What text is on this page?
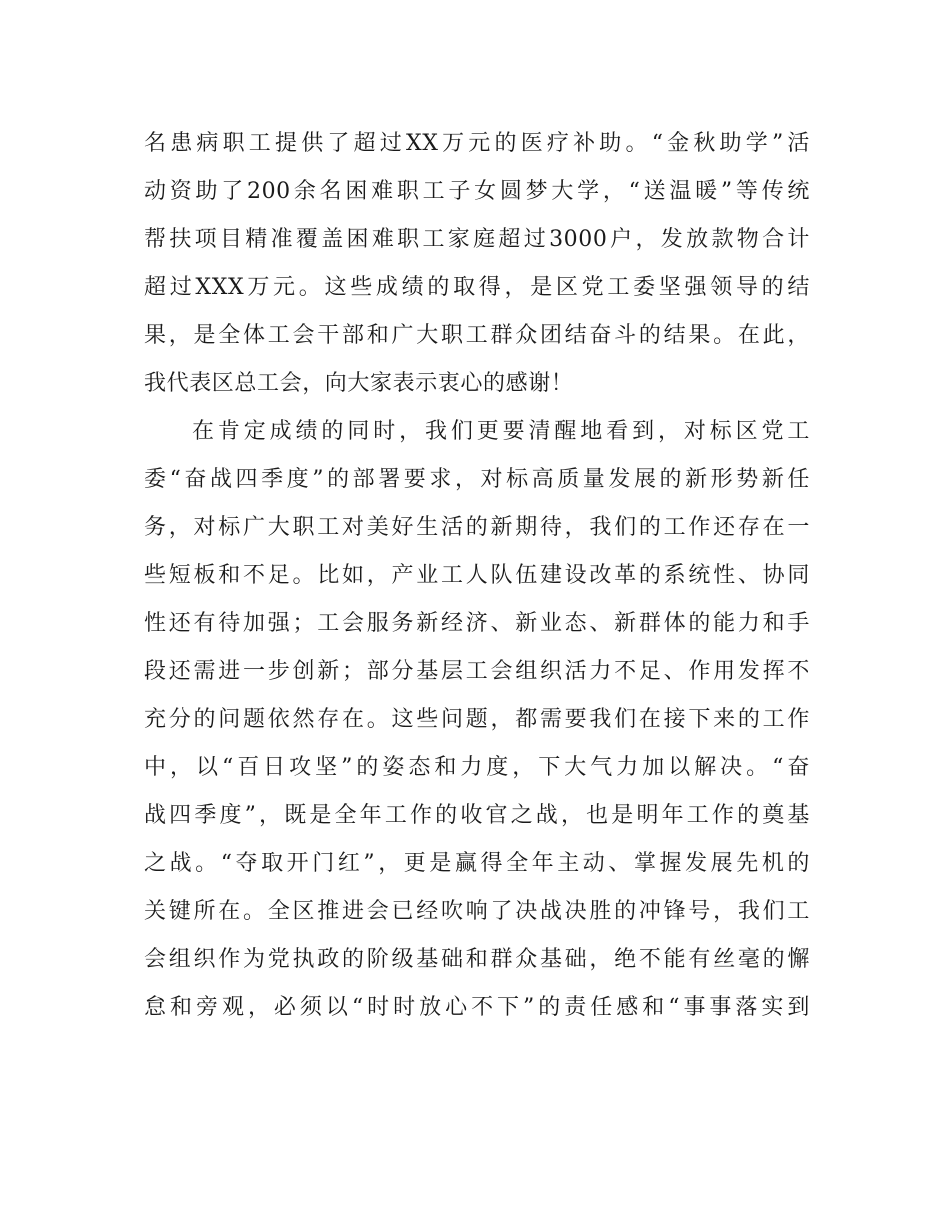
名患病职工提供了超过XX万元的医疗补助。“金秋助学”活
动资助了200余名困难职工子女圆梦大学，“送温暖”等传统
帮扶项目精准覆盖困难职工家庭超过3000户，发放款物合计
超过XXX万元。这些成绩的取得，是区党工委坚强领导的结
果，是全体工会干部和广大职工群众团结奋斗的结果。在此，
我代表区总工会，向大家表示衷心的感谢！
在肯定成绩的同时，我们更要清醒地看到，对标区党工
委“奋战四季度”的部署要求，对标高质量发展的新形势新任
务，对标广大职工对美好生活的新期待，我们的工作还存在一
些短板和不足。比如，产业工人队伍建设改革的系统性、协同
性还有待加强；工会服务新经济、新业态、新群体的能力和手
段还需进一步创新；部分基层工会组织活力不足、作用发挥不
充分的问题依然存在。这些问题，都需要我们在接下来的工作
中，以“百日攻坚”的姿态和力度，下大气力加以解决。“奋
战四季度”，既是全年工作的收官之战，也是明年工作的奠基
之战。“夺取开门红”，更是赢得全年主动、掌握发展先机的
关键所在。全区推进会已经吹响了决战决胜的冲锋号，我们工
会组织作为党执政的阶级基础和群众基础，绝不能有丝毫的懈
怠和旁观，必须以“时时放心不下”的责任感和“事事落实到
